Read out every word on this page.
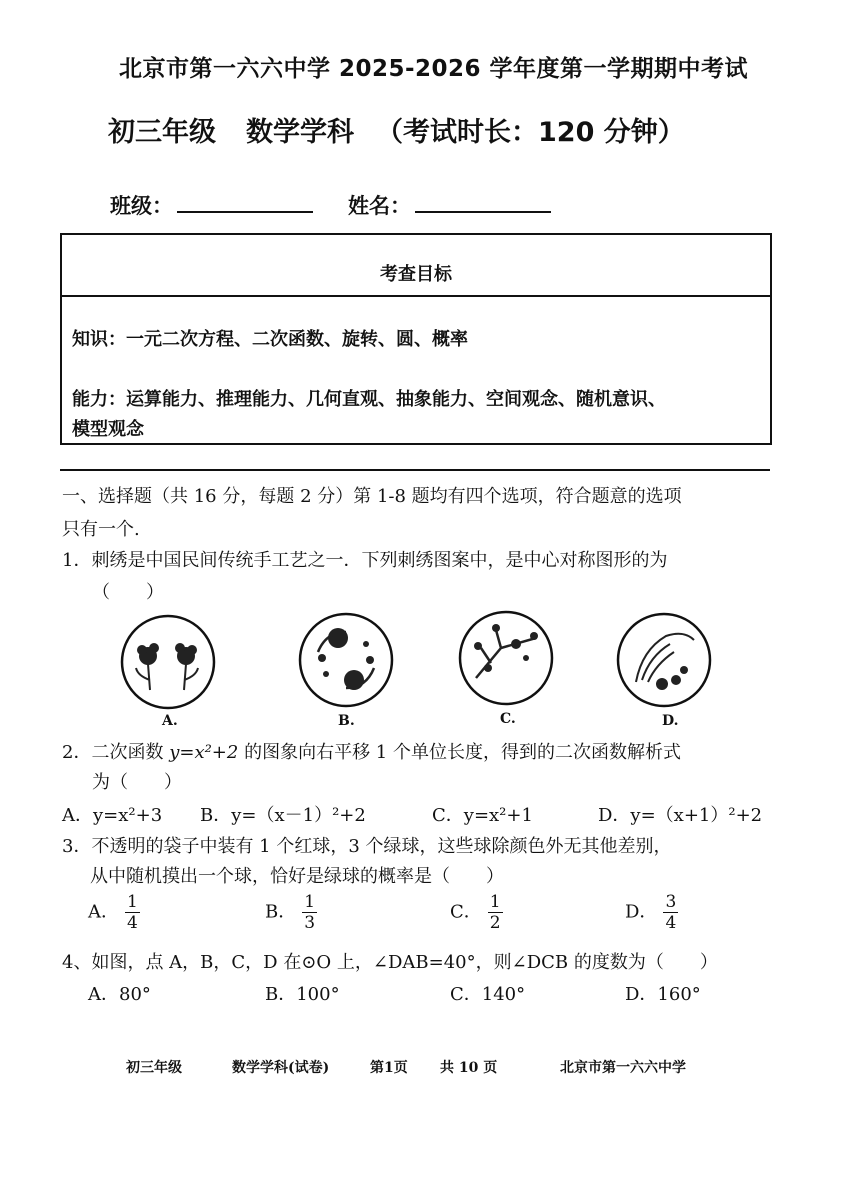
北京市第一六六中学 2025-2026 学年度第一学期期中考试
初三年级 数学学科 （考试时长：120 分钟）
班级：	姓名：
考查目标
知识：一元二次方程、二次函数、旋转、圆、概率
能力：运算能力、推理能力、几何直观、抽象能力、空间观念、随机意识、
模型观念
一、选择题（共 16 分，每题 2 分）第 1-8 题均有四个选项，符合题意的选项
只有一个.
1．刺绣是中国民间传统手工艺之一．下列刺绣图案中，是中心对称图形的为
（　　）
A.	B.	C.	D.
2．二次函数 y=x²+2 的图象向右平移 1 个单位长度，得到的二次函数解析式
为（　　）
A．y=x²+3 B．y=（x－1）²+2	C．y=x²+1	D．y=（x+1）²+2
3．不透明的袋子中装有 1 个红球，3 个绿球，这些球除颜色外无其他差别，
从中随机摸出一个球，恰好是绿球的概率是（　　）
A． $\frac{1}{4}$	B． $\frac{1}{3}$	C． $\frac{1}{2}$	D． $\frac{3}{4}$
4、如图，点 A，B，C，D 在⊙O 上，∠DAB=40°，则∠DCB 的度数为（　　）
A．80°	B．100°	C．140°	D．160°
初三年级	数学学科(试卷)	第1页 共 10 页	北京市第一六六中学
